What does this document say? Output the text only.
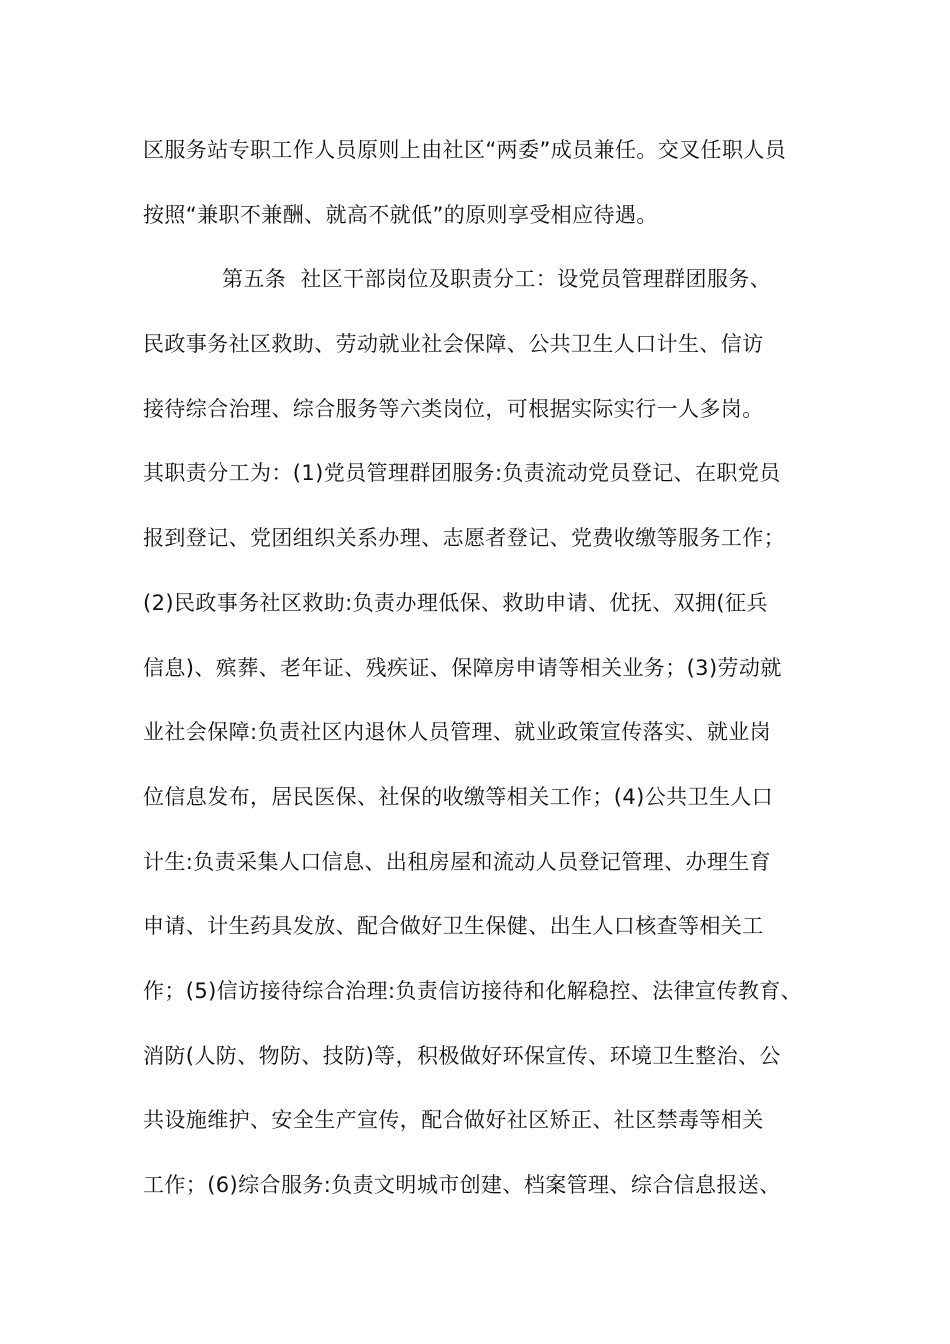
区服务站专职工作人员原则上由社区“两委”成员兼任。交叉任职人员
按照“兼职不兼酬、就高不就低”的原则享受相应待遇。
第五条  社区干部岗位及职责分工：设党员管理群团服务、
民政事务社区救助、劳动就业社会保障、公共卫生人口计生、信访
接待综合治理、综合服务等六类岗位，可根据实际实行一人多岗。
其职责分工为：(1)党员管理群团服务:负责流动党员登记、在职党员
报到登记、党团组织关系办理、志愿者登记、党费收缴等服务工作；
(2)民政事务社区救助:负责办理低保、救助申请、优抚、双拥(征兵
信息)、殡葬、老年证、残疾证、保障房申请等相关业务；(3)劳动就
业社会保障:负责社区内退休人员管理、就业政策宣传落实、就业岗
位信息发布，居民医保、社保的收缴等相关工作；(4)公共卫生人口
计生:负责采集人口信息、出租房屋和流动人员登记管理、办理生育
申请、计生药具发放、配合做好卫生保健、出生人口核查等相关工
作；(5)信访接待综合治理:负责信访接待和化解稳控、法律宣传教育、
消防(人防、物防、技防)等，积极做好环保宣传、环境卫生整治、公
共设施维护、安全生产宣传，配合做好社区矫正、社区禁毒等相关
工作；(6)综合服务:负责文明城市创建、档案管理、综合信息报送、
